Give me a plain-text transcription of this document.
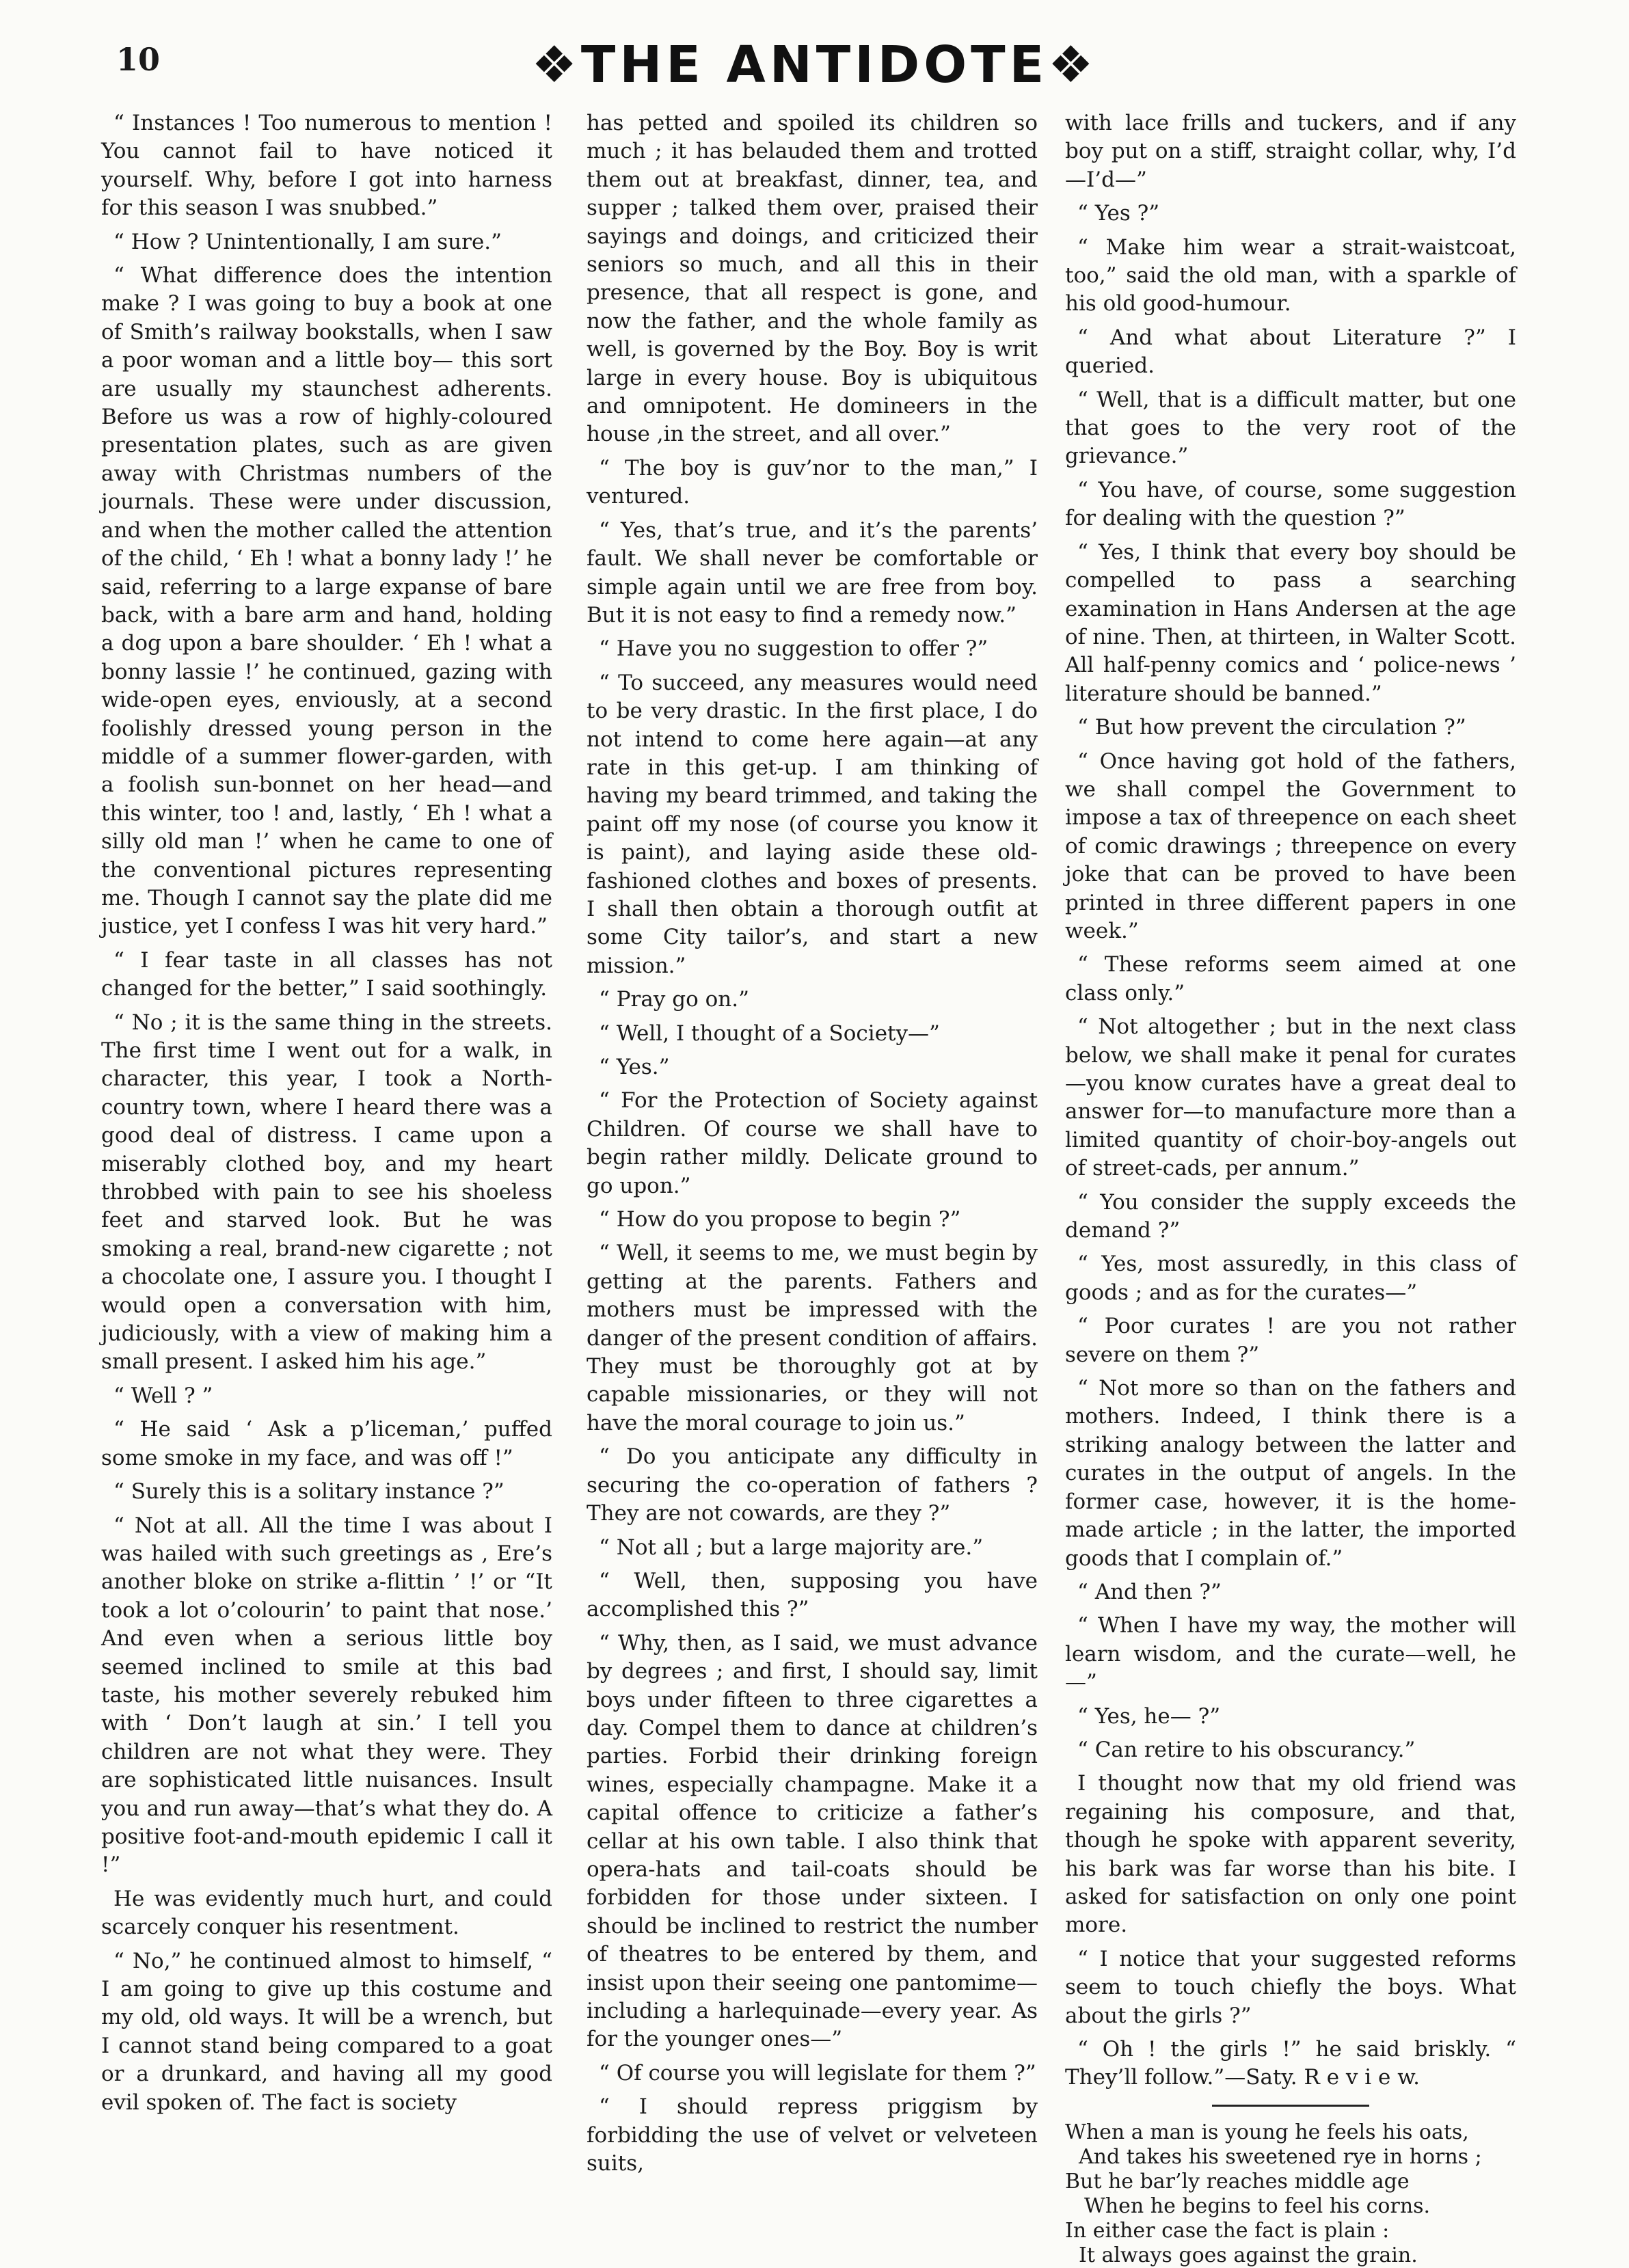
10	❖THE ANTIDOTE❖

“ Instances ! Too numerous to mention ! You cannot fail to have noticed it yourself. Why, before I got into harness for this season I was snubbed.”

“ How ? Unintentionally, I am sure.”

“ What difference does the intention make ? I was going to buy a book at one of Smith’s railway bookstalls, when I saw a poor woman and a little boy— this sort are usually my staunchest adherents. Before us was a row of highly-coloured presentation plates, such as are given away with Christmas numbers of the journals. These were under discussion, and when the mother called the attention of the child, ‘ Eh ! what a bonny lady !’ he said, referring to a large expanse of bare back, with a bare arm and hand, holding a dog upon a bare shoulder. ‘ Eh ! what a bonny lassie !’ he continued, gazing with wide-open eyes, enviously, at a second foolishly dressed young person in the middle of a summer flower-garden, with a foolish sun-bonnet on her head—and this winter, too ! and, lastly, ‘ Eh ! what a silly old man !’ when he came to one of the conventional pictures representing me. Though I cannot say the plate did me justice, yet I confess I was hit very hard.”

“ I fear taste in all classes has not changed for the better,” I said soothingly.

“ No ; it is the same thing in the streets. The first time I went out for a walk, in character, this year, I took a North-country town, where I heard there was a good deal of distress. I came upon a miserably clothed boy, and my heart throbbed with pain to see his shoeless feet and starved look. But he was smoking a real, brand-new cigarette ; not a chocolate one, I assure you. I thought I would open a conversation with him, judiciously, with a view of making him a small present. I asked him his age.”

“ Well ? ”

“ He said ‘ Ask a p’liceman,’ puffed some smoke in my face, and was off !”

“ Surely this is a solitary instance ?”

“ Not at all. All the time I was about I was hailed with such greetings as , Ere’s another bloke on strike a-flittin ’ !’ or “It took a lot o’colourin’ to paint that nose.’ And even when a serious little boy seemed inclined to smile at this bad taste, his mother severely rebuked him with ‘ Don’t laugh at sin.’ I tell you children are not what they were. They are sophisticated little nuisances. Insult you and run away—that’s what they do. A positive foot-and-mouth epidemic I call it !”

He was evidently much hurt, and could scarcely conquer his resentment.

“ No,” he continued almost to himself, “ I am going to give up this costume and my old, old ways. It will be a wrench, but I cannot stand being compared to a goat or a drunkard, and having all my good evil spoken of. The fact is society

has petted and spoiled its children so much ; it has belauded them and trotted them out at breakfast, dinner, tea, and supper ; talked them over, praised their sayings and doings, and criticized their seniors so much, and all this in their presence, that all respect is gone, and now the father, and the whole family as well, is governed by the Boy. Boy is writ large in every house. Boy is ubiquitous and omnipotent. He domineers in the house ,in the street, and all over.”

“ The boy is guv’nor to the man,” I ventured.

“ Yes, that’s true, and it’s the parents’ fault. We shall never be comfortable or simple again until we are free from boy. But it is not easy to find a remedy now.”

“ Have you no suggestion to offer ?”

“ To succeed, any measures would need to be very drastic. In the first place, I do not intend to come here again—at any rate in this get-up. I am thinking of having my beard trimmed, and taking the paint off my nose (of course you know it is paint), and laying aside these old-fashioned clothes and boxes of presents. I shall then obtain a thorough outfit at some City tailor’s, and start a new mission.”

“ Pray go on.”

“ Well, I thought of a Society—”

“ Yes.”

“ For the Protection of Society against Children. Of course we shall have to begin rather mildly. Delicate ground to go upon.”

“ How do you propose to begin ?”

“ Well, it seems to me, we must begin by getting at the parents. Fathers and mothers must be impressed with the danger of the present condition of affairs. They must be thoroughly got at by capable missionaries, or they will not have the moral courage to join us.”

“ Do you anticipate any difficulty in securing the co-operation of fathers ? They are not cowards, are they ?”

“ Not all ; but a large majority are.”

“ Well, then, supposing you have accomplished this ?”

“ Why, then, as I said, we must advance by degrees ; and first, I should say, limit boys under fifteen to three cigarettes a day. Compel them to dance at children’s parties. Forbid their drinking foreign wines, especially champagne. Make it a capital offence to criticize a father’s cellar at his own table. I also think that opera-hats and tail-coats should be forbidden for those under sixteen. I should be inclined to restrict the number of theatres to be entered by them, and insist upon their seeing one pantomime—including a harlequinade—every year. As for the younger ones—”

“ Of course you will legislate for them ?”

“ I should repress priggism by forbidding the use of velvet or velveteen suits,

with lace frills and tuckers, and if any boy put on a stiff, straight collar, why, I’d—I’d—”

“ Yes ?”

“ Make him wear a strait-waistcoat, too,” said the old man, with a sparkle of his old good-humour.

“ And what about Literature ?” I queried.

“ Well, that is a difficult matter, but one that goes to the very root of the grievance.”

“ You have, of course, some suggestion for dealing with the question ?”

“ Yes, I think that every boy should be compelled to pass a searching examination in Hans Andersen at the age of nine. Then, at thirteen, in Walter Scott. All half-penny comics and ‘ police-news ’ literature should be banned.”

“ But how prevent the circulation ?”

“ Once having got hold of the fathers, we shall compel the Government to impose a tax of threepence on each sheet of comic drawings ; threepence on every joke that can be proved to have been printed in three different papers in one week.”

“ These reforms seem aimed at one class only.”

“ Not altogether ; but in the next class below, we shall make it penal for curates —you know curates have a great deal to answer for—to manufacture more than a limited quantity of choir-boy-angels out of street-cads, per annum.”

“ You consider the supply exceeds the demand ?”

“ Yes, most assuredly, in this class of goods ; and as for the curates—”

“ Poor curates ! are you not rather severe on them ?”

“ Not more so than on the fathers and mothers. Indeed, I think there is a striking analogy between the latter and curates in the output of angels. In the former case, however, it is the home-made article ; in the latter, the imported goods that I complain of.”

“ And then ?”

“ When I have my way, the mother will learn wisdom, and the curate—well, he —”

“ Yes, he— ?”

“ Can retire to his obscurancy.”

I thought now that my old friend was regaining his composure, and that, though he spoke with apparent severity, his bark was far worse than his bite. I asked for satisfaction on only one point more.

“ I notice that your suggested reforms seem to touch chiefly the boys. What about the girls ?”

“ Oh ! the girls !” he said briskly. “ They’ll follow.”—Saty. R e v i e w.

When a man is young he feels his oats,
And takes his sweetened rye in horns ;
But he bar’ly reaches middle age
When he begins to feel his corns.
In either case the fact is plain :
It always goes against the grain.
